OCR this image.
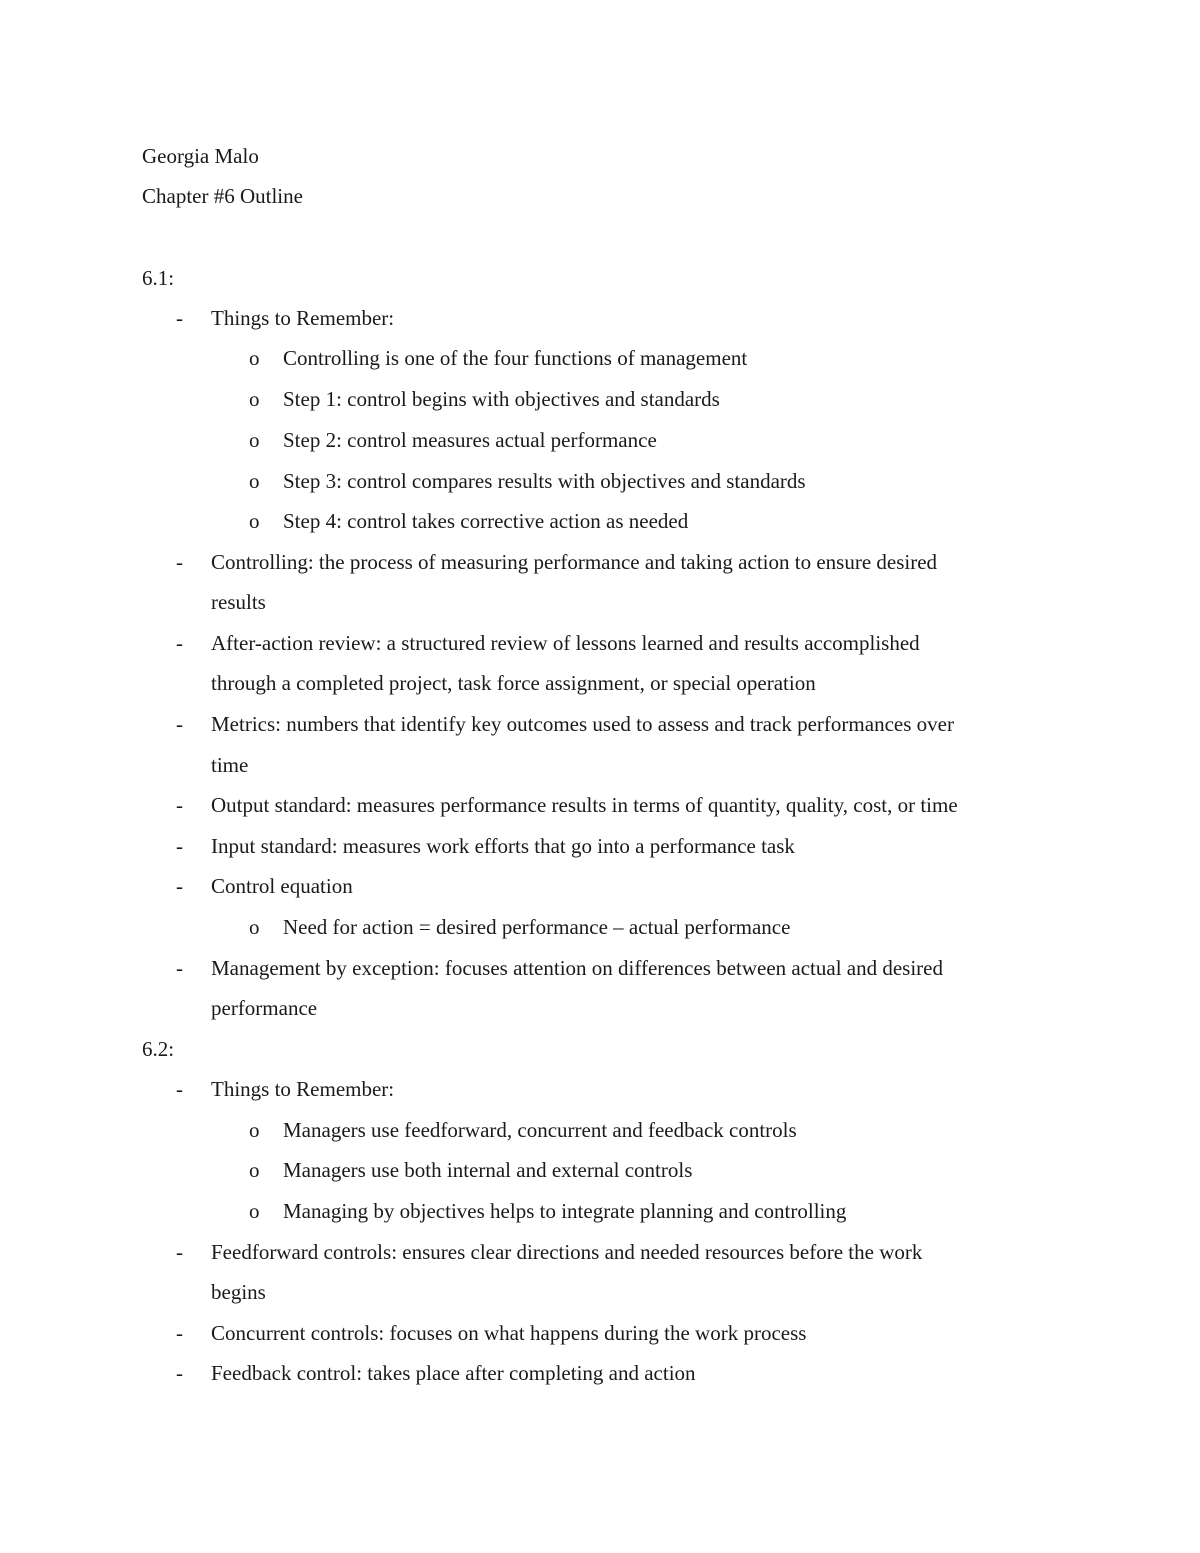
Georgia Malo
Chapter #6 Outline
6.1:
- Things to Remember:
o Controlling is one of the four functions of management
o Step 1: control begins with objectives and standards
o Step 2: control measures actual performance
o Step 3: control compares results with objectives and standards
o Step 4: control takes corrective action as needed
- Controlling: the process of measuring performance and taking action to ensure desired
results
- After-action review: a structured review of lessons learned and results accomplished
through a completed project, task force assignment, or special operation
- Metrics: numbers that identify key outcomes used to assess and track performances over
time
- Output standard: measures performance results in terms of quantity, quality, cost, or time
- Input standard: measures work efforts that go into a performance task
- Control equation
o Need for action = desired performance – actual performance
- Management by exception: focuses attention on differences between actual and desired
performance
6.2:
- Things to Remember:
o Managers use feedforward, concurrent and feedback controls
o Managers use both internal and external controls
o Managing by objectives helps to integrate planning and controlling
- Feedforward controls: ensures clear directions and needed resources before the work
begins
- Concurrent controls: focuses on what happens during the work process
- Feedback control: takes place after completing and action
